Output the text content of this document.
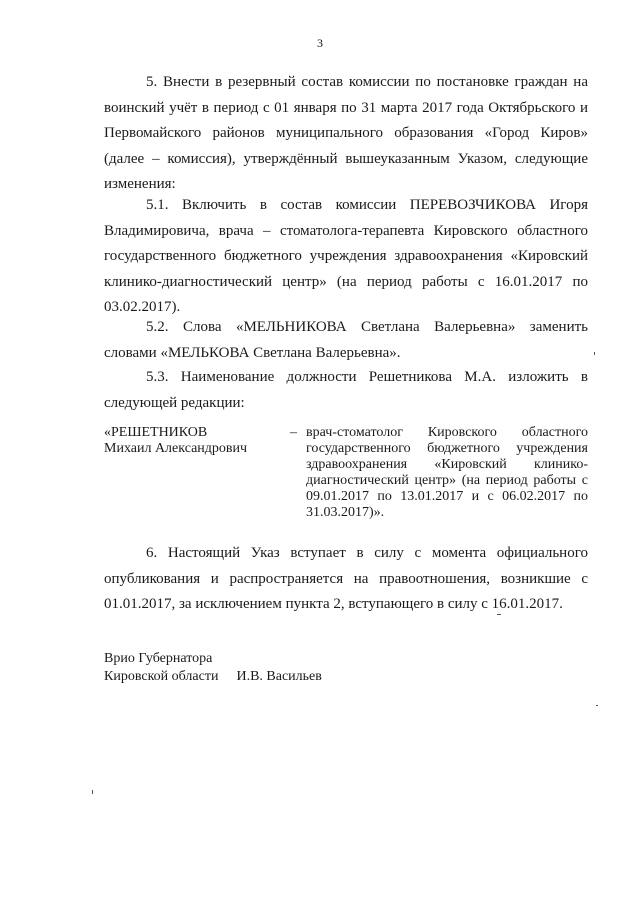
3

5. Внести в резервный состав комиссии по постановке граждан на воинский учёт в период с 01 января по 31 марта 2017 года Октябрьского и Первомайского районов муниципального образования «Город Киров» (далее – комиссия), утверждённый вышеуказанным Указом, следующие изменения:

5.1. Включить в состав комиссии ПЕРЕВОЗЧИКОВА Игоря Владимировича, врача – стоматолога-терапевта Кировского областного государственного бюджетного учреждения здравоохранения «Кировский клинико-диагностический центр» (на период работы с 16.01.2017 по 03.02.2017).

5.2. Слова «МЕЛЬНИКОВА Светлана Валерьевна» заменить словами «МЕЛЬКОВА Светлана Валерьевна».

5.3. Наименование должности Решетникова М.А. изложить в следующей редакции:

«РЕШЕТНИКОВ
Михаил Александрович
– врач-стоматолог Кировского областного государственного бюджетного учреждения здравоохранения «Кировский клинико-диагностический центр» (на период работы с 09.01.2017 по 13.01.2017 и с 06.02.2017 по 31.03.2017)».

6. Настоящий Указ вступает в силу с момента официального опубликования и распространяется на правоотношения, возникшие с 01.01.2017, за исключением пункта 2, вступающего в силу с 16.01.2017.

Врио Губернатора
Кировской области И.В. Васильев
